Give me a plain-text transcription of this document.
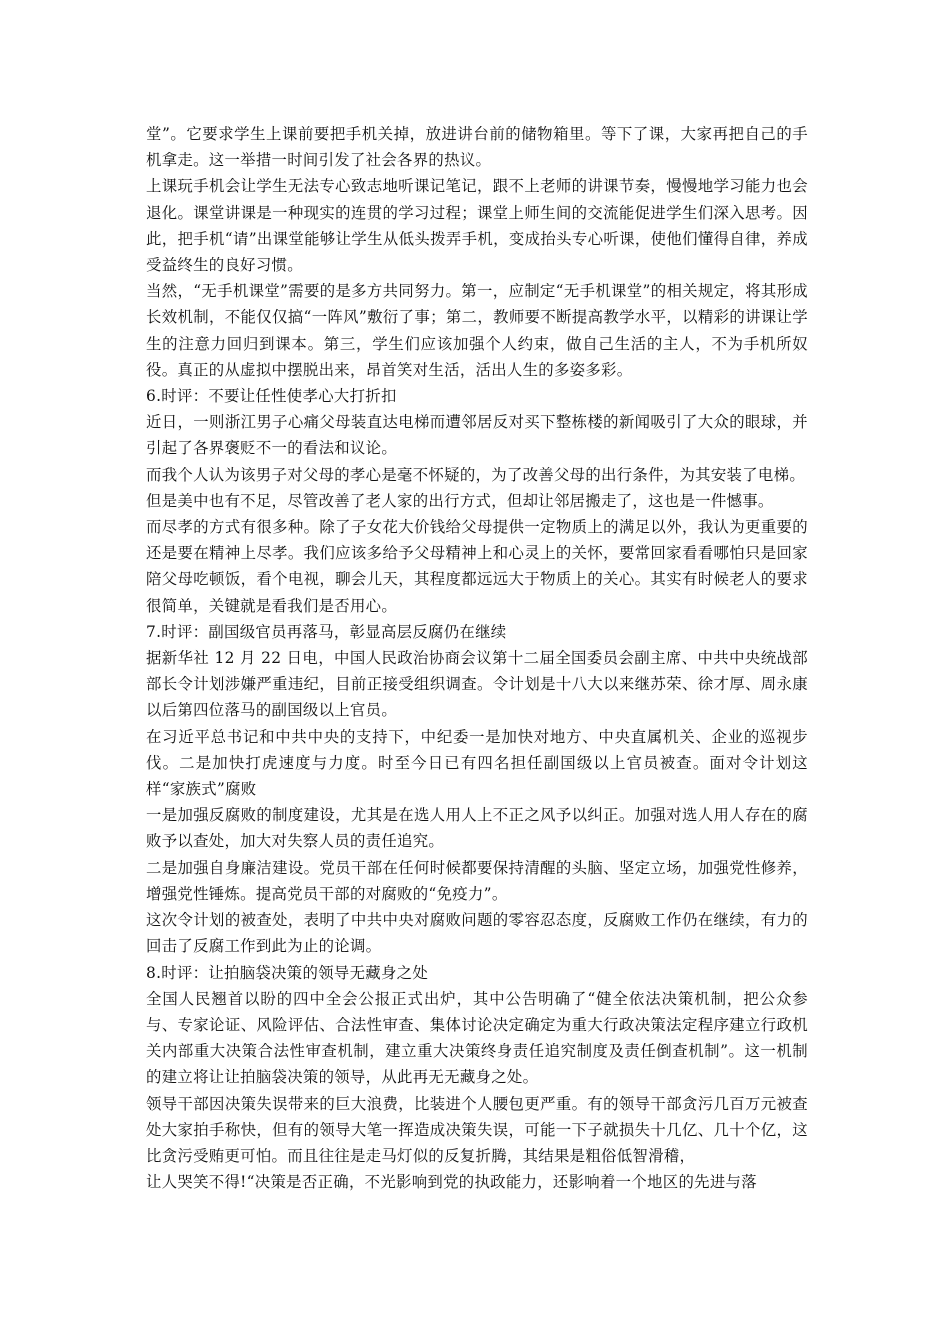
堂”。它要求学生上课前要把手机关掉，放进讲台前的储物箱里。等下了课，大家再把自己的手机拿走。这一举措一时间引发了社会各界的热议。

上课玩手机会让学生无法专心致志地听课记笔记，跟不上老师的讲课节奏，慢慢地学习能力也会退化。课堂讲课是一种现实的连贯的学习过程；课堂上师生间的交流能促进学生们深入思考。因此，把手机“请”出课堂能够让学生从低头拨弄手机，变成抬头专心听课，使他们懂得自律，养成受益终生的良好习惯。

当然，“无手机课堂”需要的是多方共同努力。第一，应制定“无手机课堂”的相关规定，将其形成长效机制，不能仅仅搞“一阵风”敷衍了事；第二，教师要不断提高教学水平，以精彩的讲课让学生的注意力回归到课本。第三，学生们应该加强个人约束，做自己生活的主人，不为手机所奴役。真正的从虚拟中摆脱出来，昂首笑对生活，活出人生的多姿多彩。

6.时评：不要让任性使孝心大打折扣

近日，一则浙江男子心痛父母装直达电梯而遭邻居反对买下整栋楼的新闻吸引了大众的眼球，并引起了各界褒贬不一的看法和议论。

而我个人认为该男子对父母的孝心是毫不怀疑的，为了改善父母的出行条件，为其安装了电梯。

但是美中也有不足，尽管改善了老人家的出行方式，但却让邻居搬走了，这也是一件憾事。

而尽孝的方式有很多种。除了子女花大价钱给父母提供一定物质上的满足以外，我认为更重要的还是要在精神上尽孝。我们应该多给予父母精神上和心灵上的关怀，要常回家看看哪怕只是回家陪父母吃顿饭，看个电视，聊会儿天，其程度都远远大于物质上的关心。其实有时候老人的要求很简单，关键就是看我们是否用心。

7.时评：副国级官员再落马，彰显高层反腐仍在继续

据新华社 12 月 22 日电，中国人民政治协商会议第十二届全国委员会副主席、中共中央统战部部长令计划涉嫌严重违纪，目前正接受组织调查。令计划是十八大以来继苏荣、徐才厚、周永康以后第四位落马的副国级以上官员。

在习近平总书记和中共中央的支持下，中纪委一是加快对地方、中央直属机关、企业的巡视步伐。二是加快打虎速度与力度。时至今日已有四名担任副国级以上官员被查。面对令计划这样“家族式”腐败

一是加强反腐败的制度建设，尤其是在选人用人上不正之风予以纠正。加强对选人用人存在的腐败予以查处，加大对失察人员的责任追究。

二是加强自身廉洁建设。党员干部在任何时候都要保持清醒的头脑、坚定立场，加强党性修养，增强党性锤炼。提高党员干部的对腐败的“免疫力”。

这次令计划的被查处，表明了中共中央对腐败问题的零容忍态度，反腐败工作仍在继续，有力的回击了反腐工作到此为止的论调。

8.时评：让拍脑袋决策的领导无藏身之处

全国人民翘首以盼的四中全会公报正式出炉，其中公告明确了“健全依法决策机制，把公众参与、专家论证、风险评估、合法性审查、集体讨论决定确定为重大行政决策法定程序建立行政机关内部重大决策合法性审查机制，建立重大决策终身责任追究制度及责任倒查机制”。这一机制的建立将让让拍脑袋决策的领导，从此再无无藏身之处。

领导干部因决策失误带来的巨大浪费，比装进个人腰包更严重。有的领导干部贪污几百万元被查处大家拍手称快，但有的领导大笔一挥造成决策失误，可能一下子就损失十几亿、几十个亿，这比贪污受贿更可怕。而且往往是走马灯似的反复折腾，其结果是粗俗低智滑稽，

让人哭笑不得!“决策是否正确，不光影响到党的执政能力，还影响着一个地区的先进与落
